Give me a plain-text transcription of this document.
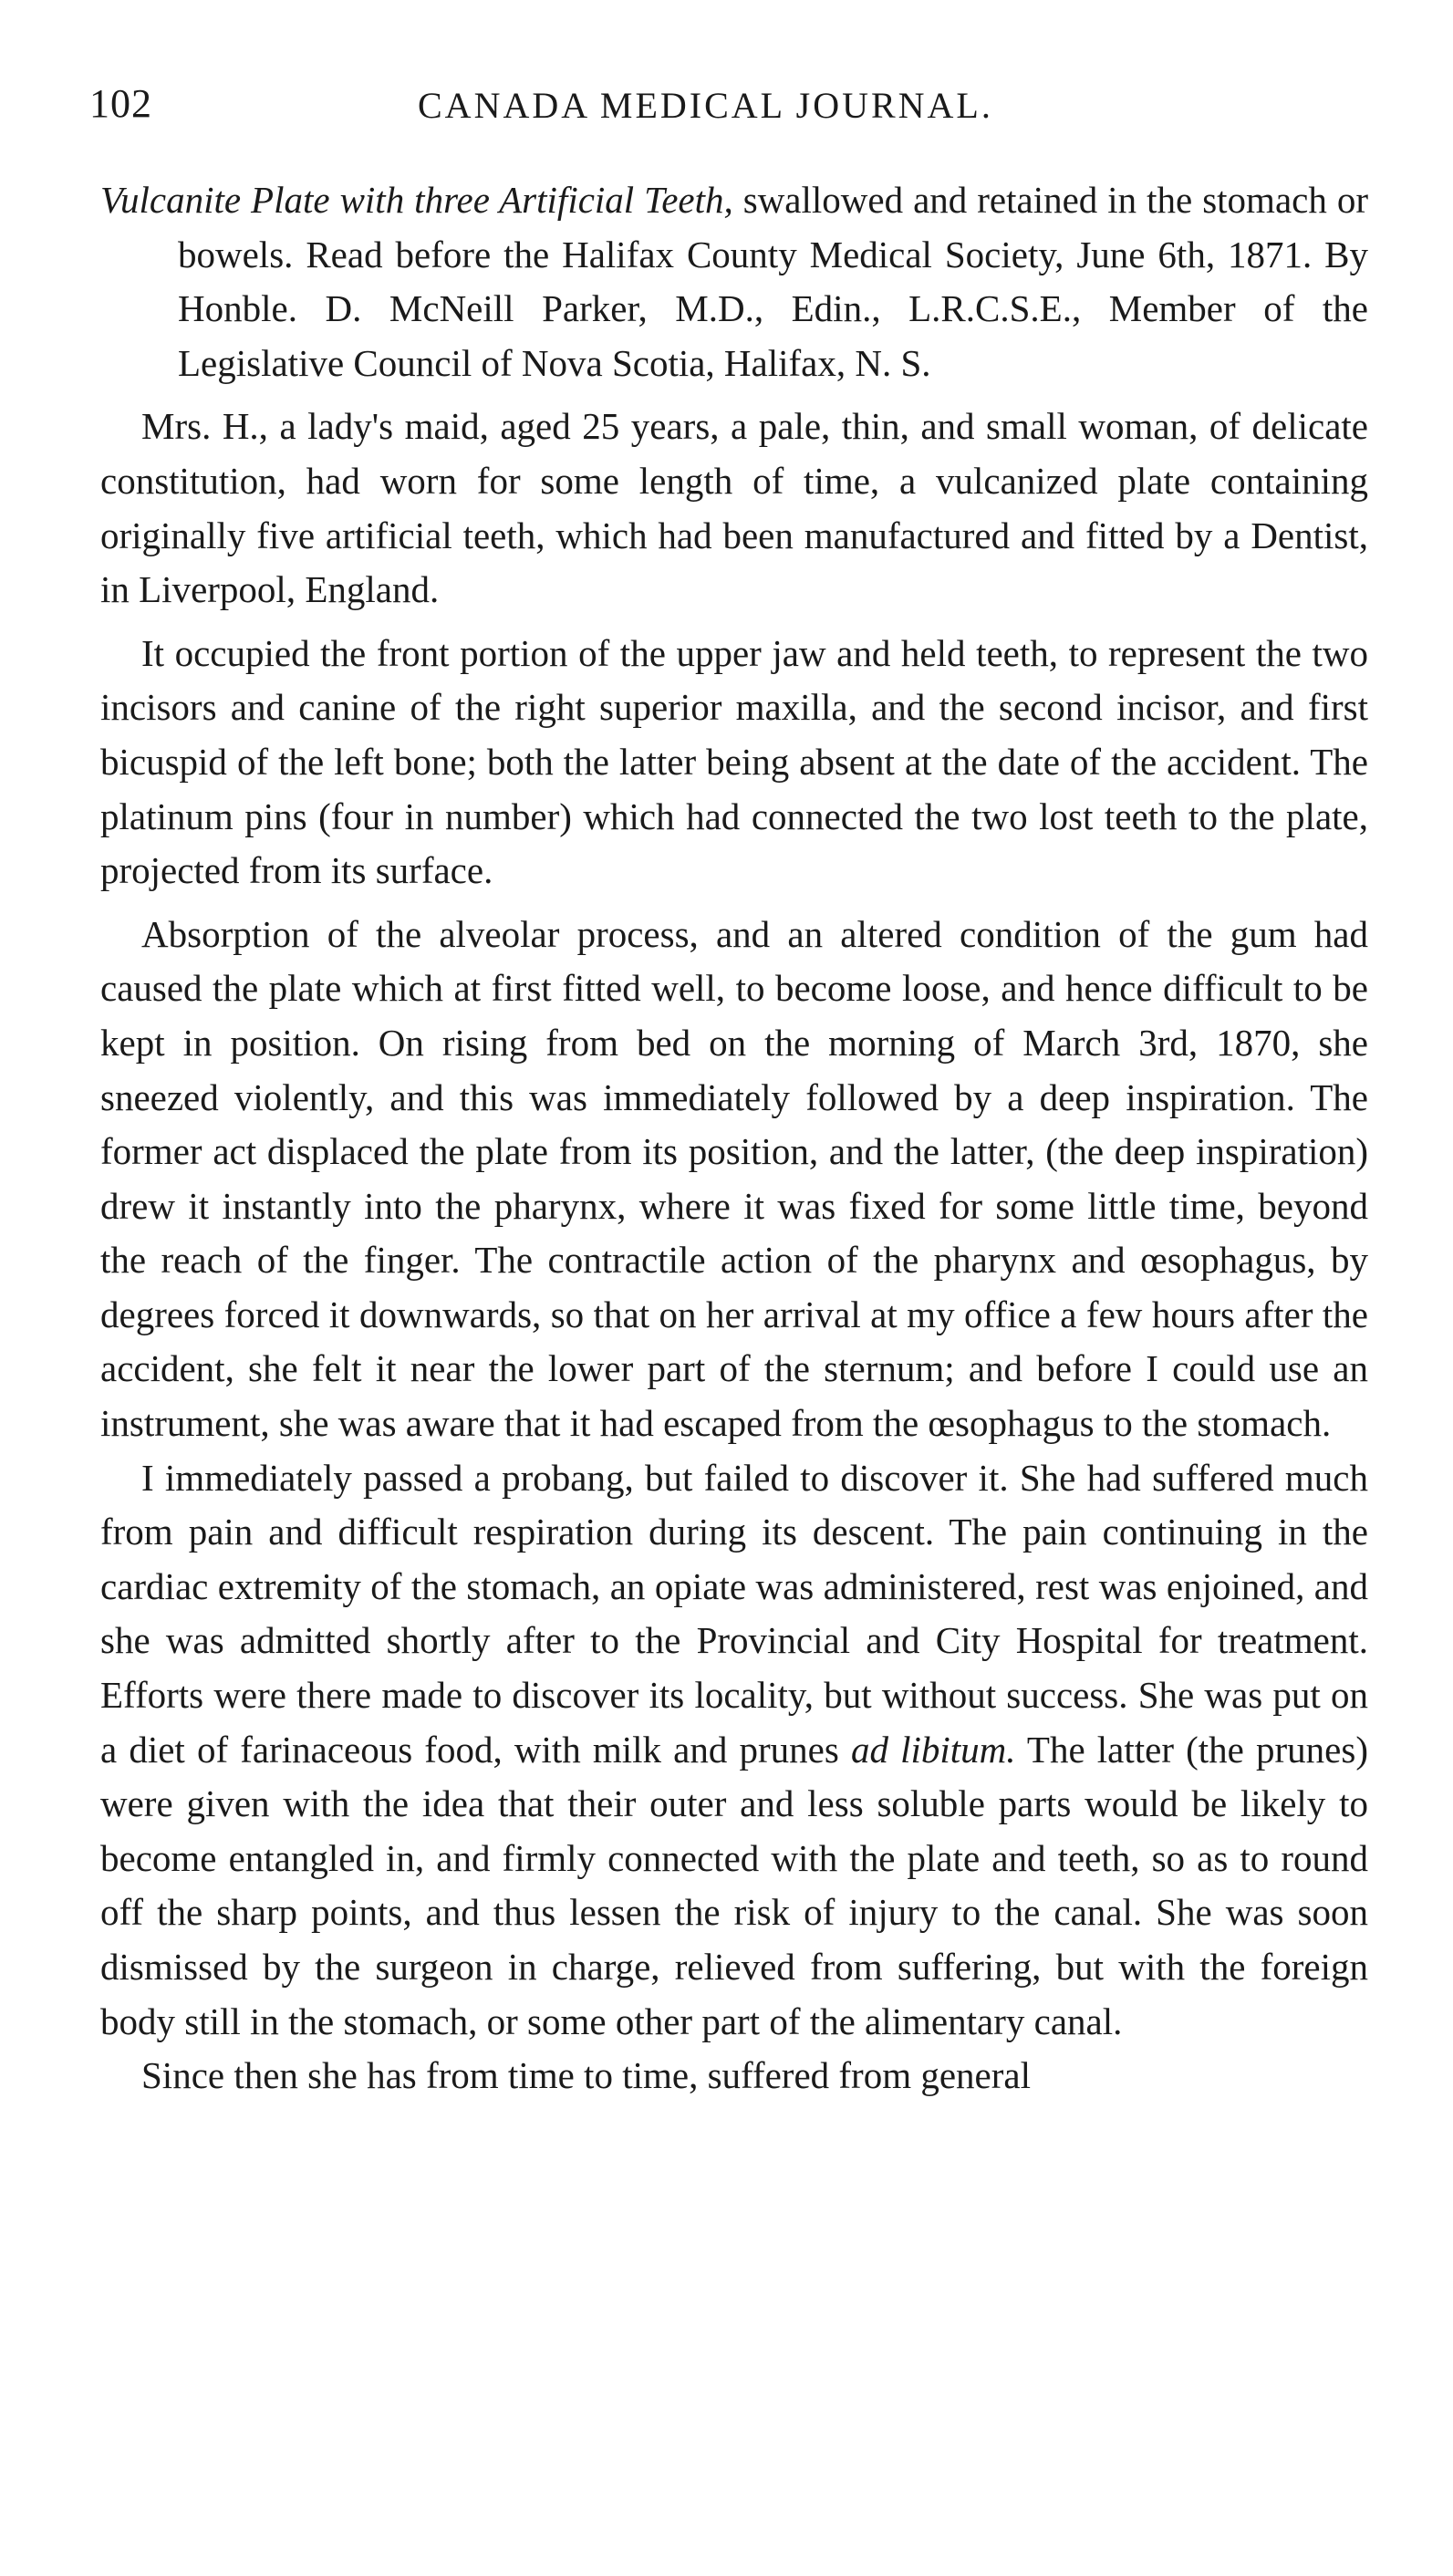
102	CANADA MEDICAL JOURNAL.

Vulcanite Plate with three Artificial Teeth, swallowed and retained in the stomach or bowels. Read before the Halifax County Medical Society, June 6th, 1871. By Honble. D. McNeill Parker, M.D., Edin., L.R.C.S.E., Member of the Legislative Council of Nova Scotia, Halifax, N. S.

Mrs. H., a lady's maid, aged 25 years, a pale, thin, and small woman, of delicate constitution, had worn for some length of time, a vulcanized plate containing originally five artificial teeth, which had been manufactured and fitted by a Dentist, in Liverpool, England.

It occupied the front portion of the upper jaw and held teeth, to represent the two incisors and canine of the right superior maxilla, and the second incisor, and first bicuspid of the left bone; both the latter being absent at the date of the accident. The platinum pins (four in number) which had connected the two lost teeth to the plate, projected from its surface.

Absorption of the alveolar process, and an altered condition of the gum had caused the plate which at first fitted well, to become loose, and hence difficult to be kept in position. On rising from bed on the morning of March 3rd, 1870, she sneezed violently, and this was immediately followed by a deep inspiration. The former act displaced the plate from its position, and the latter, (the deep inspiration) drew it instantly into the pharynx, where it was fixed for some little time, beyond the reach of the finger. The contractile action of the pharynx and œsophagus, by degrees forced it downwards, so that on her arrival at my office a few hours after the accident, she felt it near the lower part of the sternum; and before I could use an instrument, she was aware that it had escaped from the œsophagus to the stomach.

I immediately passed a probang, but failed to discover it. She had suffered much from pain and difficult respiration during its descent. The pain continuing in the cardiac extremity of the stomach, an opiate was administered, rest was enjoined, and she was admitted shortly after to the Provincial and City Hospital for treatment. Efforts were there made to discover its locality, but without success. She was put on a diet of farinaceous food, with milk and prunes ad libitum. The latter (the prunes) were given with the idea that their outer and less soluble parts would be likely to become entangled in, and firmly connected with the plate and teeth, so as to round off the sharp points, and thus lessen the risk of injury to the canal. She was soon dismissed by the surgeon in charge, relieved from suffering, but with the foreign body still in the stomach, or some other part of the alimentary canal.

Since then she has from time to time, suffered from general
